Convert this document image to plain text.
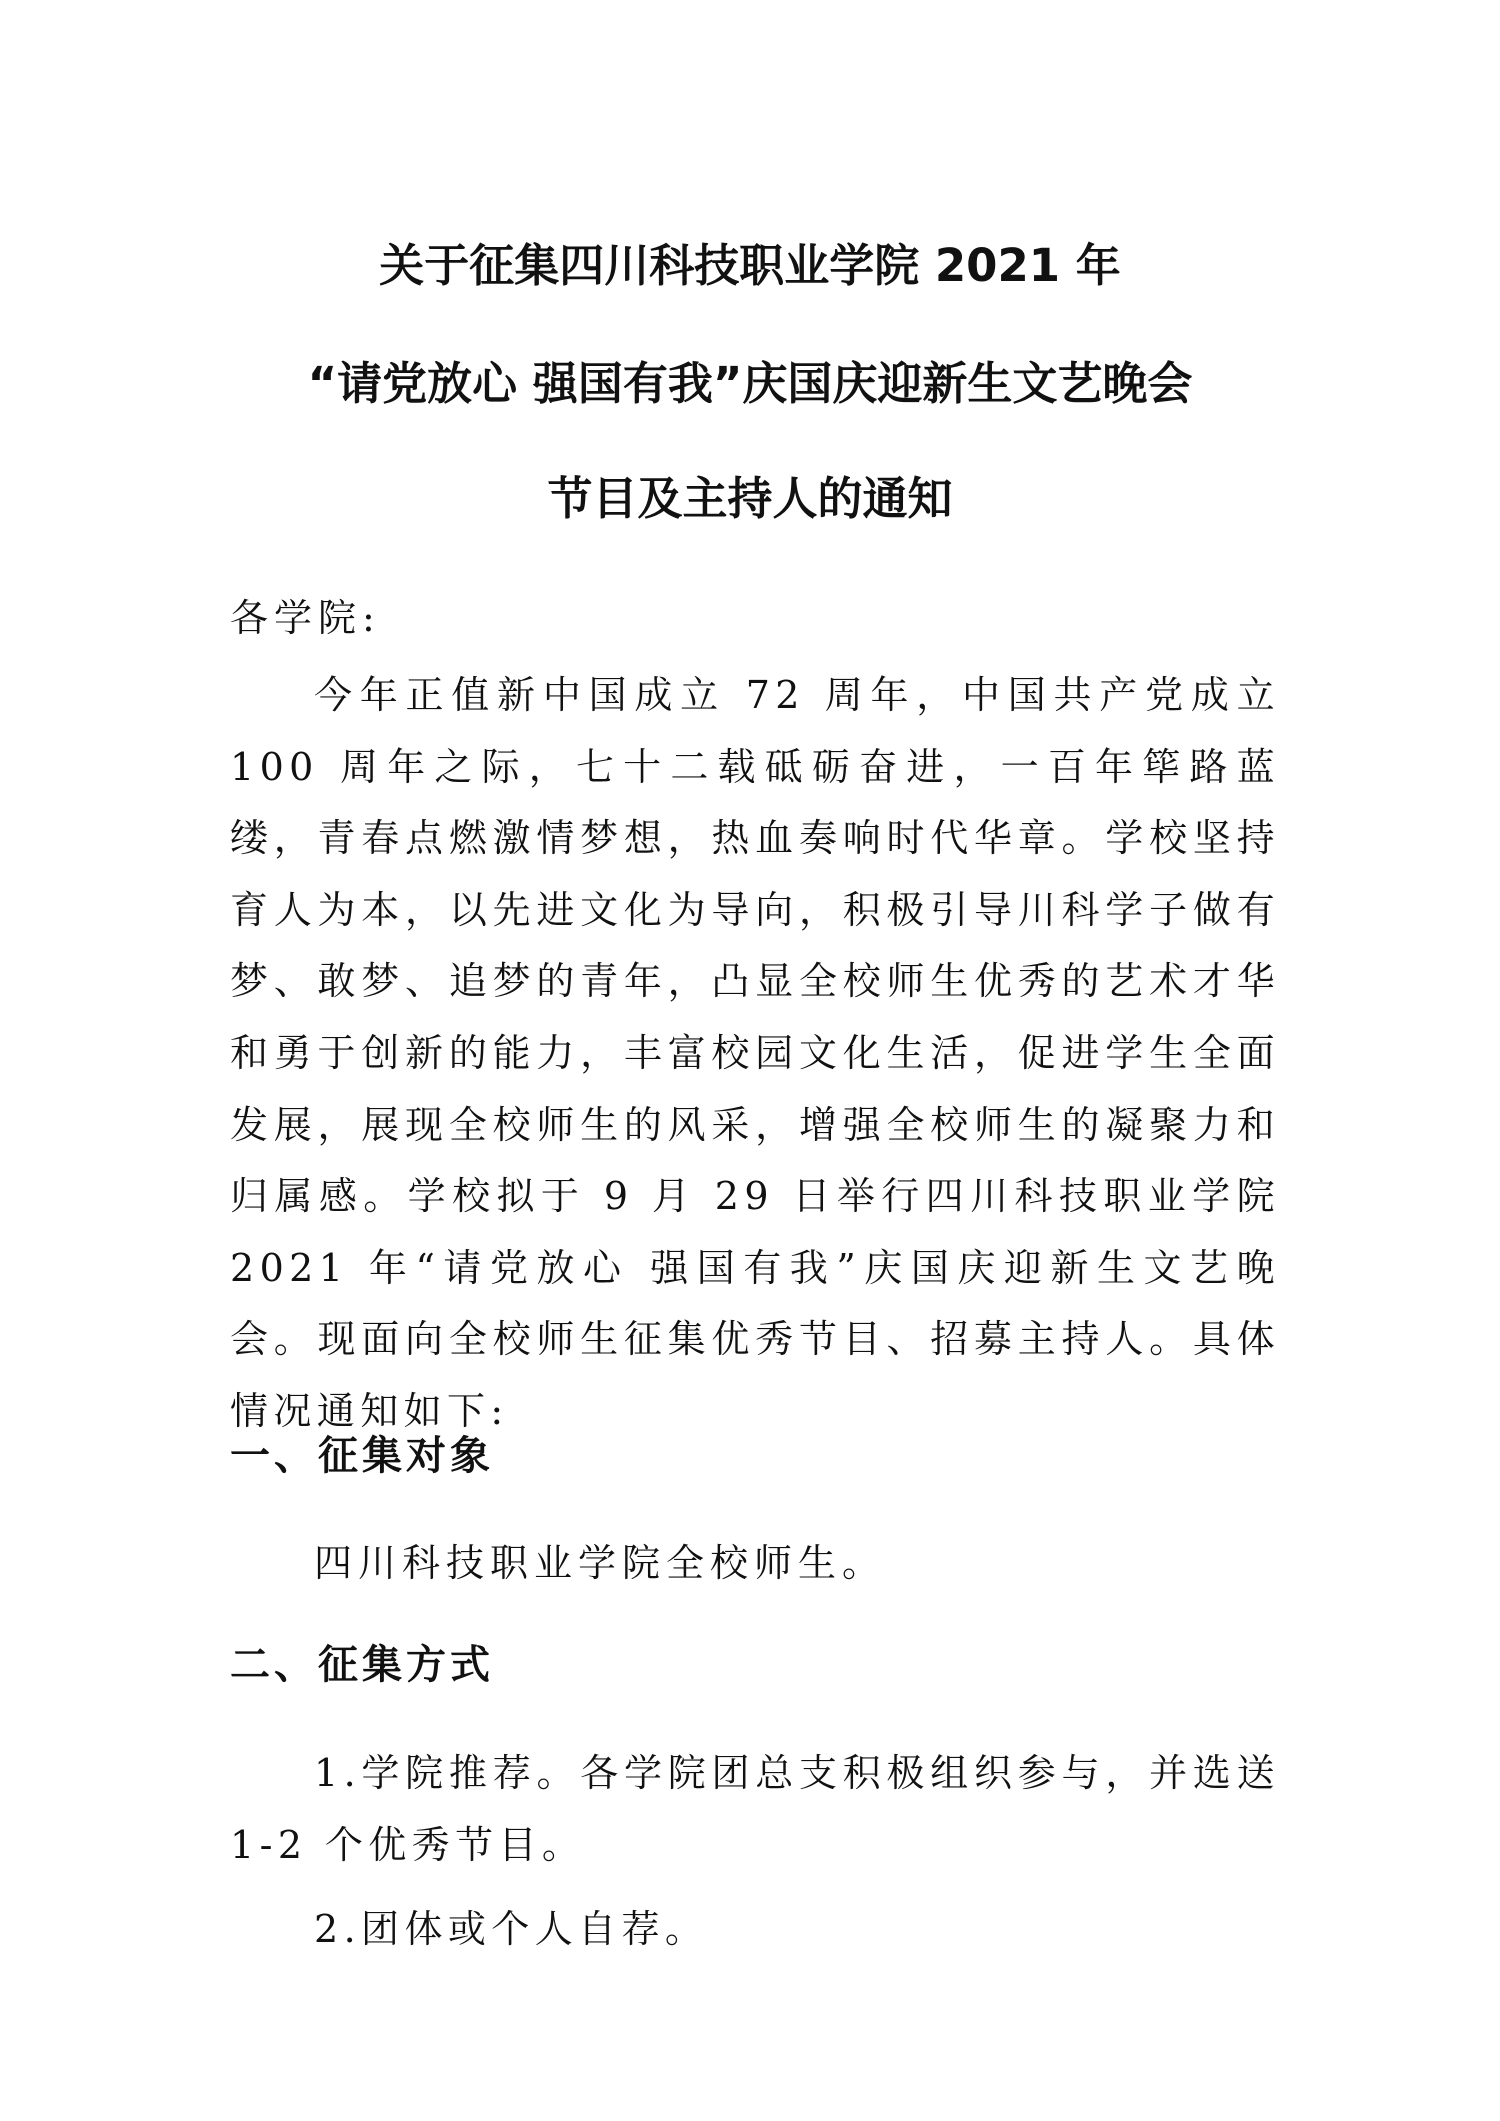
关于征集四川科技职业学院 2021 年
“请党放心 强国有我”庆国庆迎新生文艺晚会
节目及主持人的通知

各学院:

今年正值新中国成立 72 周年，中国共产党成立 100 周年之际，七十二载砥砺奋进，一百年筚路蓝缕，青春点燃激情梦想，热血奏响时代华章。学校坚持育人为本，以先进文化为导向，积极引导川科学子做有梦、敢梦、追梦的青年，凸显全校师生优秀的艺术才华和勇于创新的能力，丰富校园文化生活，促进学生全面发展，展现全校师生的风采，增强全校师生的凝聚力和归属感。学校拟于 9 月 29 日举行四川科技职业学院 2021 年“请党放心 强国有我”庆国庆迎新生文艺晚会。现面向全校师生征集优秀节目、招募主持人。具体情况通知如下:

一、征集对象

四川科技职业学院全校师生。

二、征集方式

1.学院推荐。各学院团总支积极组织参与，并选送 1-2 个优秀节目。

2.团体或个人自荐。
